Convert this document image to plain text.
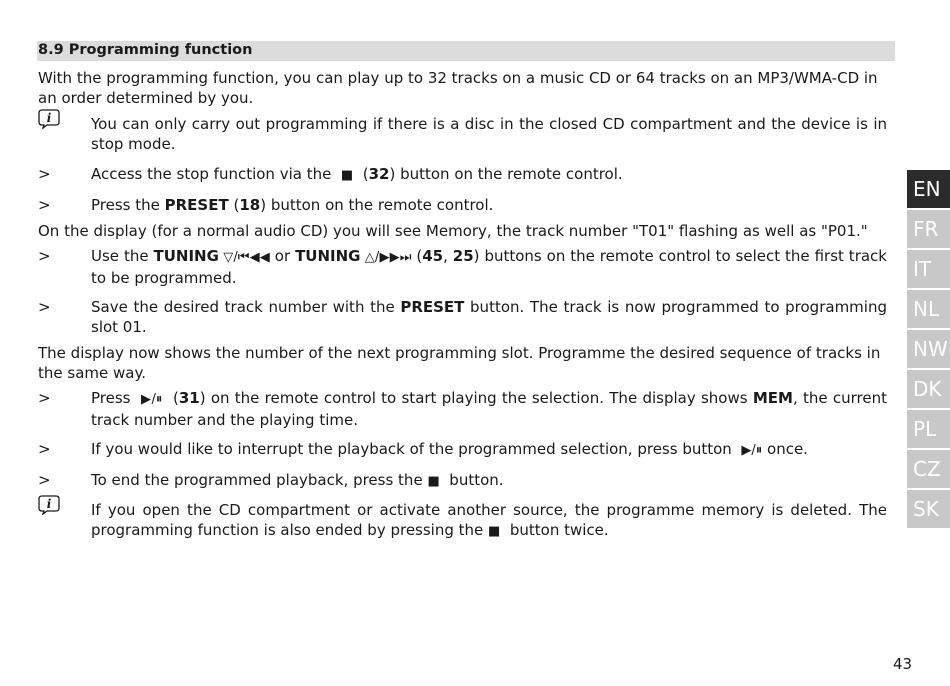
8.9 Programming function
With the programming function, you can play up to 32 tracks on a music CD or 64 tracks on an MP3/WMA-CD in an order determined by you.
i	You can only carry out programming if there is a disc in the closed CD compartment and the device is in stop mode.
>	Access the stop function via the ■  (32) button on the remote control.
>	Press the PRESET (18) button on the remote control.
On the display (for a normal audio CD) you will see Memory, the track number "T01" flashing as well as "P01."
>	Use the TUNING ▽/⏮◀◀ or TUNING △/▶▶⏭ (45, 25) buttons on the remote control to select the first track to be programmed.
>	Save the desired track number with the PRESET button. The track is now programmed to programming slot 01.
The display now shows the number of the next programming slot. Programme the desired sequence of tracks in the same way.
>	Press  ▶/⏸  (31) on the remote control to start playing the selection. The display shows MEM, the current track number and the playing time.
>	If you would like to interrupt the playback of the programmed selection, press button  ▶/⏸ once.
>	To end the programmed playback, press the ■  button.
i	If you open the CD compartment or activate another source, the programme memory is deleted. The programming function is also ended by pressing the ■  button twice.
EN
FR
IT
NL
NW
DK
PL
CZ
SK
43
